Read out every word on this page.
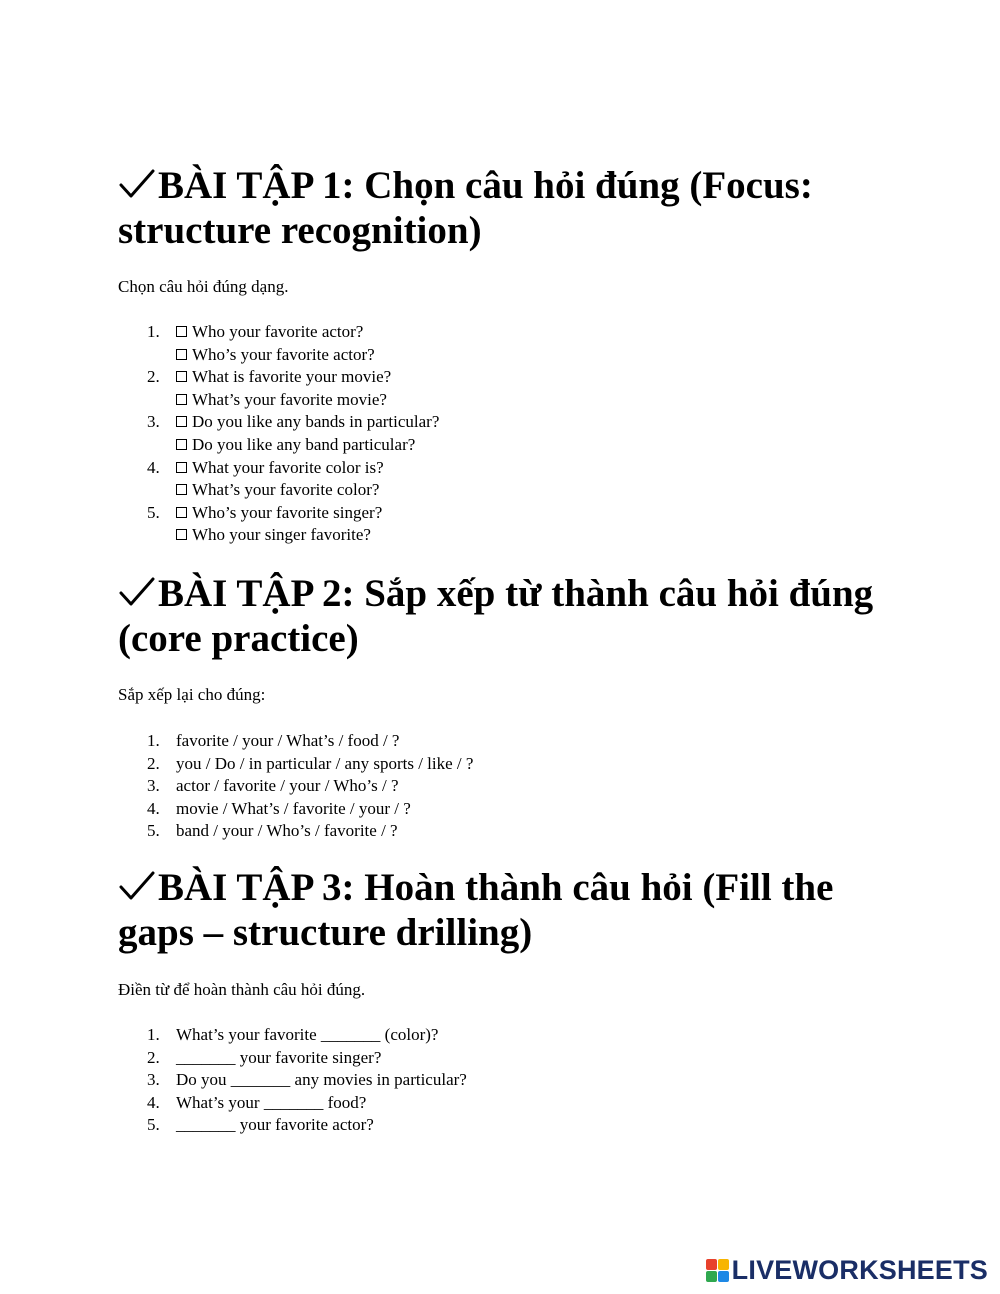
BÀI TẬP 1: Chọn câu hỏi đúng (Focus: structure recognition)

Chọn câu hỏi đúng dạng.

1.	Who your favorite actor?
Who’s your favorite actor?
2.	What is favorite your movie?
What’s your favorite movie?
3.	Do you like any bands in particular?
Do you like any band particular?
4.	What your favorite color is?
What’s your favorite color?
5.	Who’s your favorite singer?
Who your singer favorite?
BÀI TẬP 2: Sắp xếp từ thành câu hỏi đúng (core practice)

Sắp xếp lại cho đúng:

1. favorite / your / What’s / food / ?
2. you / Do / in particular / any sports / like / ?
3. actor / favorite / your / Who’s / ?
4. movie / What’s / favorite / your / ?
5. band / your / Who’s / favorite / ?
BÀI TẬP 3: Hoàn thành câu hỏi (Fill the gaps – structure drilling)

Điền từ để hoàn thành câu hỏi đúng.

1. What’s your favorite _______ (color)?
2. _______ your favorite singer?
3. Do you _______ any movies in particular?
4. What’s your _______ food?
5. _______ your favorite actor?
LIVEWORKSHEETS
